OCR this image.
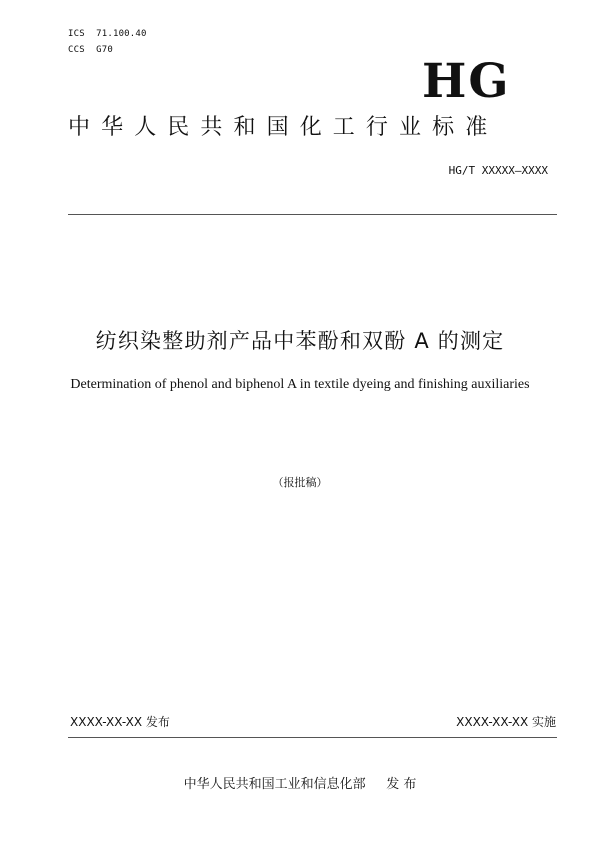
ICS  71.100.40
CCS  G70
HG
中华人民共和国化工行业标准
HG/T XXXXX—XXXX
纺织染整助剂产品中苯酚和双酚 A 的测定
Determination of phenol and biphenol A in textile dyeing and finishing auxiliaries
（报批稿）
XXXX-XX-XX 发布	XXXX-XX-XX 实施
中华人民共和国工业和信息化部     发 布
